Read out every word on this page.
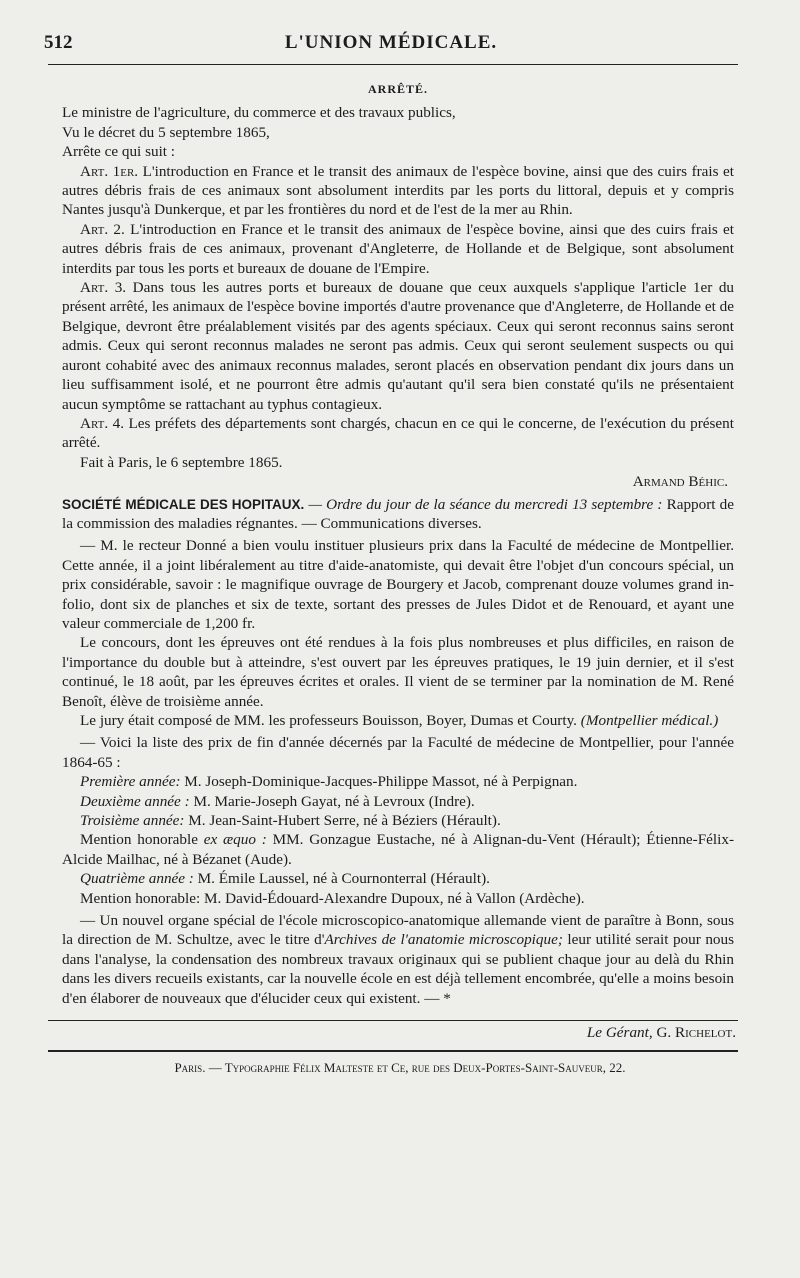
512	L'UNION MÉDICALE.

ARRÊTÉ.

Le ministre de l'agriculture, du commerce et des travaux publics,

Vu le décret du 5 septembre 1865,

Arrête ce qui suit :

Art. 1er. L'introduction en France et le transit des animaux de l'espèce bovine, ainsi que des cuirs frais et autres débris frais de ces animaux sont absolument interdits par les ports du littoral, depuis et y compris Nantes jusqu'à Dunkerque, et par les frontières du nord et de l'est de la mer au Rhin.

Art. 2. L'introduction en France et le transit des animaux de l'espèce bovine, ainsi que des cuirs frais et autres débris frais de ces animaux, provenant d'Angleterre, de Hollande et de Belgique, sont absolument interdits par tous les ports et bureaux de douane de l'Empire.

Art. 3. Dans tous les autres ports et bureaux de douane que ceux auxquels s'applique l'article 1er du présent arrêté, les animaux de l'espèce bovine importés d'autre provenance que d'Angleterre, de Hollande et de Belgique, devront être préalablement visités par des agents spéciaux. Ceux qui seront reconnus sains seront admis. Ceux qui seront reconnus malades ne seront pas admis. Ceux qui seront seulement suspects ou qui auront cohabité avec des animaux reconnus malades, seront placés en observation pendant dix jours dans un lieu suffisamment isolé, et ne pourront être admis qu'autant qu'il sera bien constaté qu'ils ne présentaient aucun symptôme se rattachant au typhus contagieux.

Art. 4. Les préfets des départements sont chargés, chacun en ce qui le concerne, de l'exécution du présent arrêté.

Fait à Paris, le 6 septembre 1865.

Armand Béhic.

SOCIÉTÉ MÉDICALE DES HOPITAUX. — Ordre du jour de la séance du mercredi 13 septembre : Rapport de la commission des maladies régnantes. — Communications diverses.

— M. le recteur Donné a bien voulu instituer plusieurs prix dans la Faculté de médecine de Montpellier. Cette année, il a joint libéralement au titre d'aide-anatomiste, qui devait être l'objet d'un concours spécial, un prix considérable, savoir : le magnifique ouvrage de Bourgery et Jacob, comprenant douze volumes grand in-folio, dont six de planches et six de texte, sortant des presses de Jules Didot et de Renouard, et ayant une valeur commerciale de 1,200 fr.

Le concours, dont les épreuves ont été rendues à la fois plus nombreuses et plus difficiles, en raison de l'importance du double but à atteindre, s'est ouvert par les épreuves pratiques, le 19 juin dernier, et il s'est continué, le 18 août, par les épreuves écrites et orales. Il vient de se terminer par la nomination de M. René Benoît, élève de troisième année.

Le jury était composé de MM. les professeurs Bouisson, Boyer, Dumas et Courty. (Montpellier médical.)

— Voici la liste des prix de fin d'année décernés par la Faculté de médecine de Montpellier, pour l'année 1864-65 :

Première année: M. Joseph-Dominique-Jacques-Philippe Massot, né à Perpignan.

Deuxième année : M. Marie-Joseph Gayat, né à Levroux (Indre).

Troisième année: M. Jean-Saint-Hubert Serre, né à Béziers (Hérault).

Mention honorable ex æquo : MM. Gonzague Eustache, né à Alignan-du-Vent (Hérault); Étienne-Félix-Alcide Mailhac, né à Bézanet (Aude).

Quatrième année : M. Émile Laussel, né à Cournonterral (Hérault).

Mention honorable: M. David-Édouard-Alexandre Dupoux, né à Vallon (Ardèche).

— Un nouvel organe spécial de l'école microscopico-anatomique allemande vient de paraître à Bonn, sous la direction de M. Schultze, avec le titre d'Archives de l'anatomie microscopique; leur utilité serait pour nous dans l'analyse, la condensation des nombreux travaux originaux qui se publient chaque jour au delà du Rhin dans les divers recueils existants, car la nouvelle école en est déjà tellement encombrée, qu'elle a moins besoin d'en élaborer de nouveaux que d'élucider ceux qui existent. — *

Le Gérant, G. Richelot.
Paris. — Typographie Félix Malteste et Ce, rue des Deux-Portes-Saint-Sauveur, 22.
